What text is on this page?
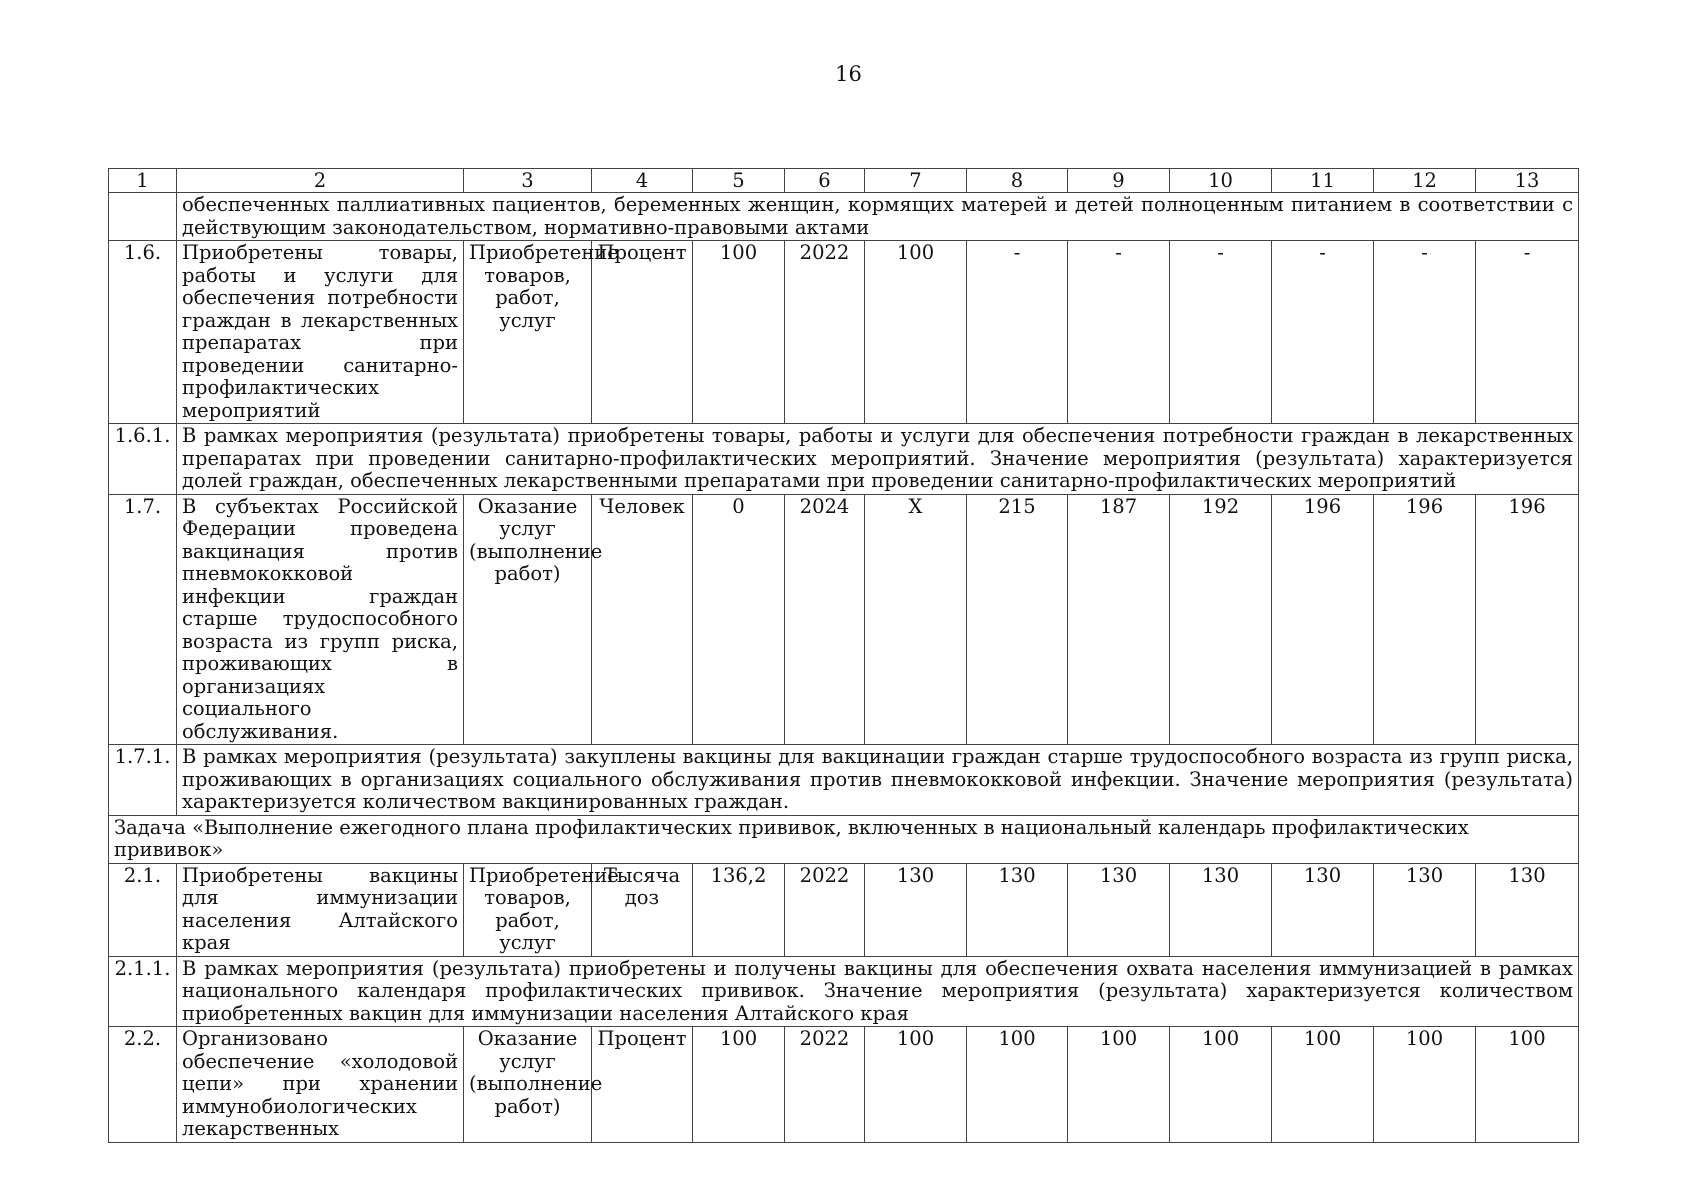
16
1	2	3	4	5	6	7	8	9	10	11	12	13
	обеспеченных паллиативных пациентов, беременных женщин, кормящих матерей и детей полноценным питанием в соответствии с действующим законодательством, нормативно-правовыми актами											
1.6.	Приобретены товары, работы и услуги для обеспечения потребности граждан в лекарственных препаратах при проведении санитарно-профилактических мероприятий	Приобретение товаров, работ, услуг	Процент	100	2022	100	-	-	-	-	-	-
1.6.1.	В рамках мероприятия (результата) приобретены товары, работы и услуги для обеспечения потребности граждан в лекарственных препаратах при проведении санитарно-профилактических мероприятий. Значение мероприятия (результата) характеризуется долей граждан, обеспеченных лекарственными препаратами при проведении санитарно-профилактических мероприятий											
1.7.	В субъектах Российской Федерации проведена вакцинация против пневмококковой инфекции граждан старше трудоспособного возраста из групп риска, проживающих в организациях социального обслуживания.	Оказание услуг (выполнение работ)	Человек	0	2024	X	215	187	192	196	196	196
1.7.1.	В рамках мероприятия (результата) закуплены вакцины для вакцинации граждан старше трудоспособного возраста из групп риска, проживающих в организациях социального обслуживания против пневмококковой инфекции. Значение мероприятия (результата) характеризуется количеством вакцинированных граждан.											
Задача «Выполнение ежегодного плана профилактических прививок, включенных в национальный календарь профилактических прививок»												
2.1.	Приобретены вакцины для иммунизации населения Алтайского края	Приобретение товаров, работ, услуг	Тысяча доз	136,2	2022	130	130	130	130	130	130	130
2.1.1.	В рамках мероприятия (результата) приобретены и получены вакцины для обеспечения охвата населения иммунизацией в рамках национального календаря профилактических прививок. Значение мероприятия (результата) характеризуется количеством приобретенных вакцин для иммунизации населения Алтайского края											
2.2.	Организовано обеспечение «холодовой цепи» при хранении иммунобиологических лекарственных	Оказание услуг (выполнение работ)	Процент	100	2022	100	100	100	100	100	100	100
